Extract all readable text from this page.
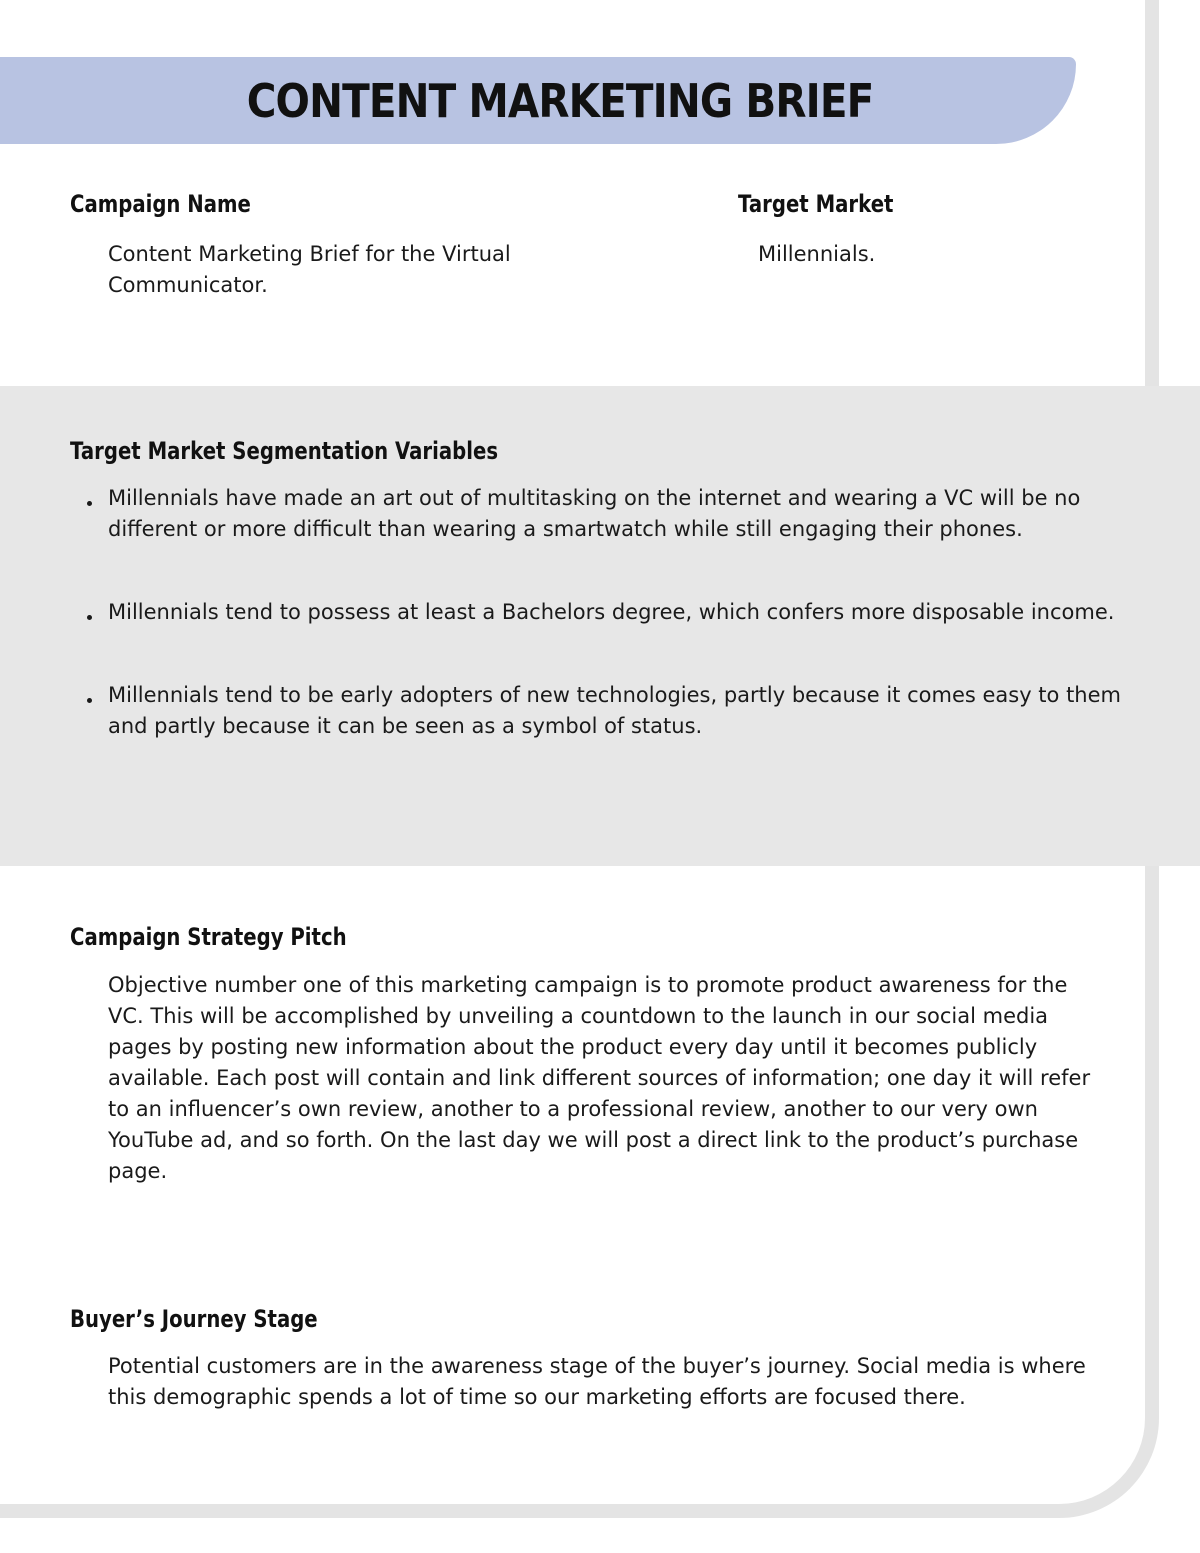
CONTENT MARKETING BRIEF
Campaign Name
Content Marketing Brief for the Virtual Communicator.
Target Market
Millennials.
Target Market Segmentation Variables
Millennials have made an art out of multitasking on the internet and wearing a VC will be no different or more difficult than wearing a smartwatch while still engaging their phones.
Millennials tend to possess at least a Bachelors degree, which confers more disposable income.
Millennials tend to be early adopters of new technologies, partly because it comes easy to them and partly because it can be seen as a symbol of status.
Campaign Strategy Pitch
Objective number one of this marketing campaign is to promote product awareness for the VC. This will be accomplished by unveiling a countdown to the launch in our social media pages by posting new information about the product every day until it becomes publicly available. Each post will contain and link different sources of information; one day it will refer to an influencer’s own review, another to a professional review, another to our very own YouTube ad, and so forth. On the last day we will post a direct link to the product’s purchase page.
Buyer’s Journey Stage
Potential customers are in the awareness stage of the buyer’s journey. Social media is where this demographic spends a lot of time so our marketing efforts are focused there.
